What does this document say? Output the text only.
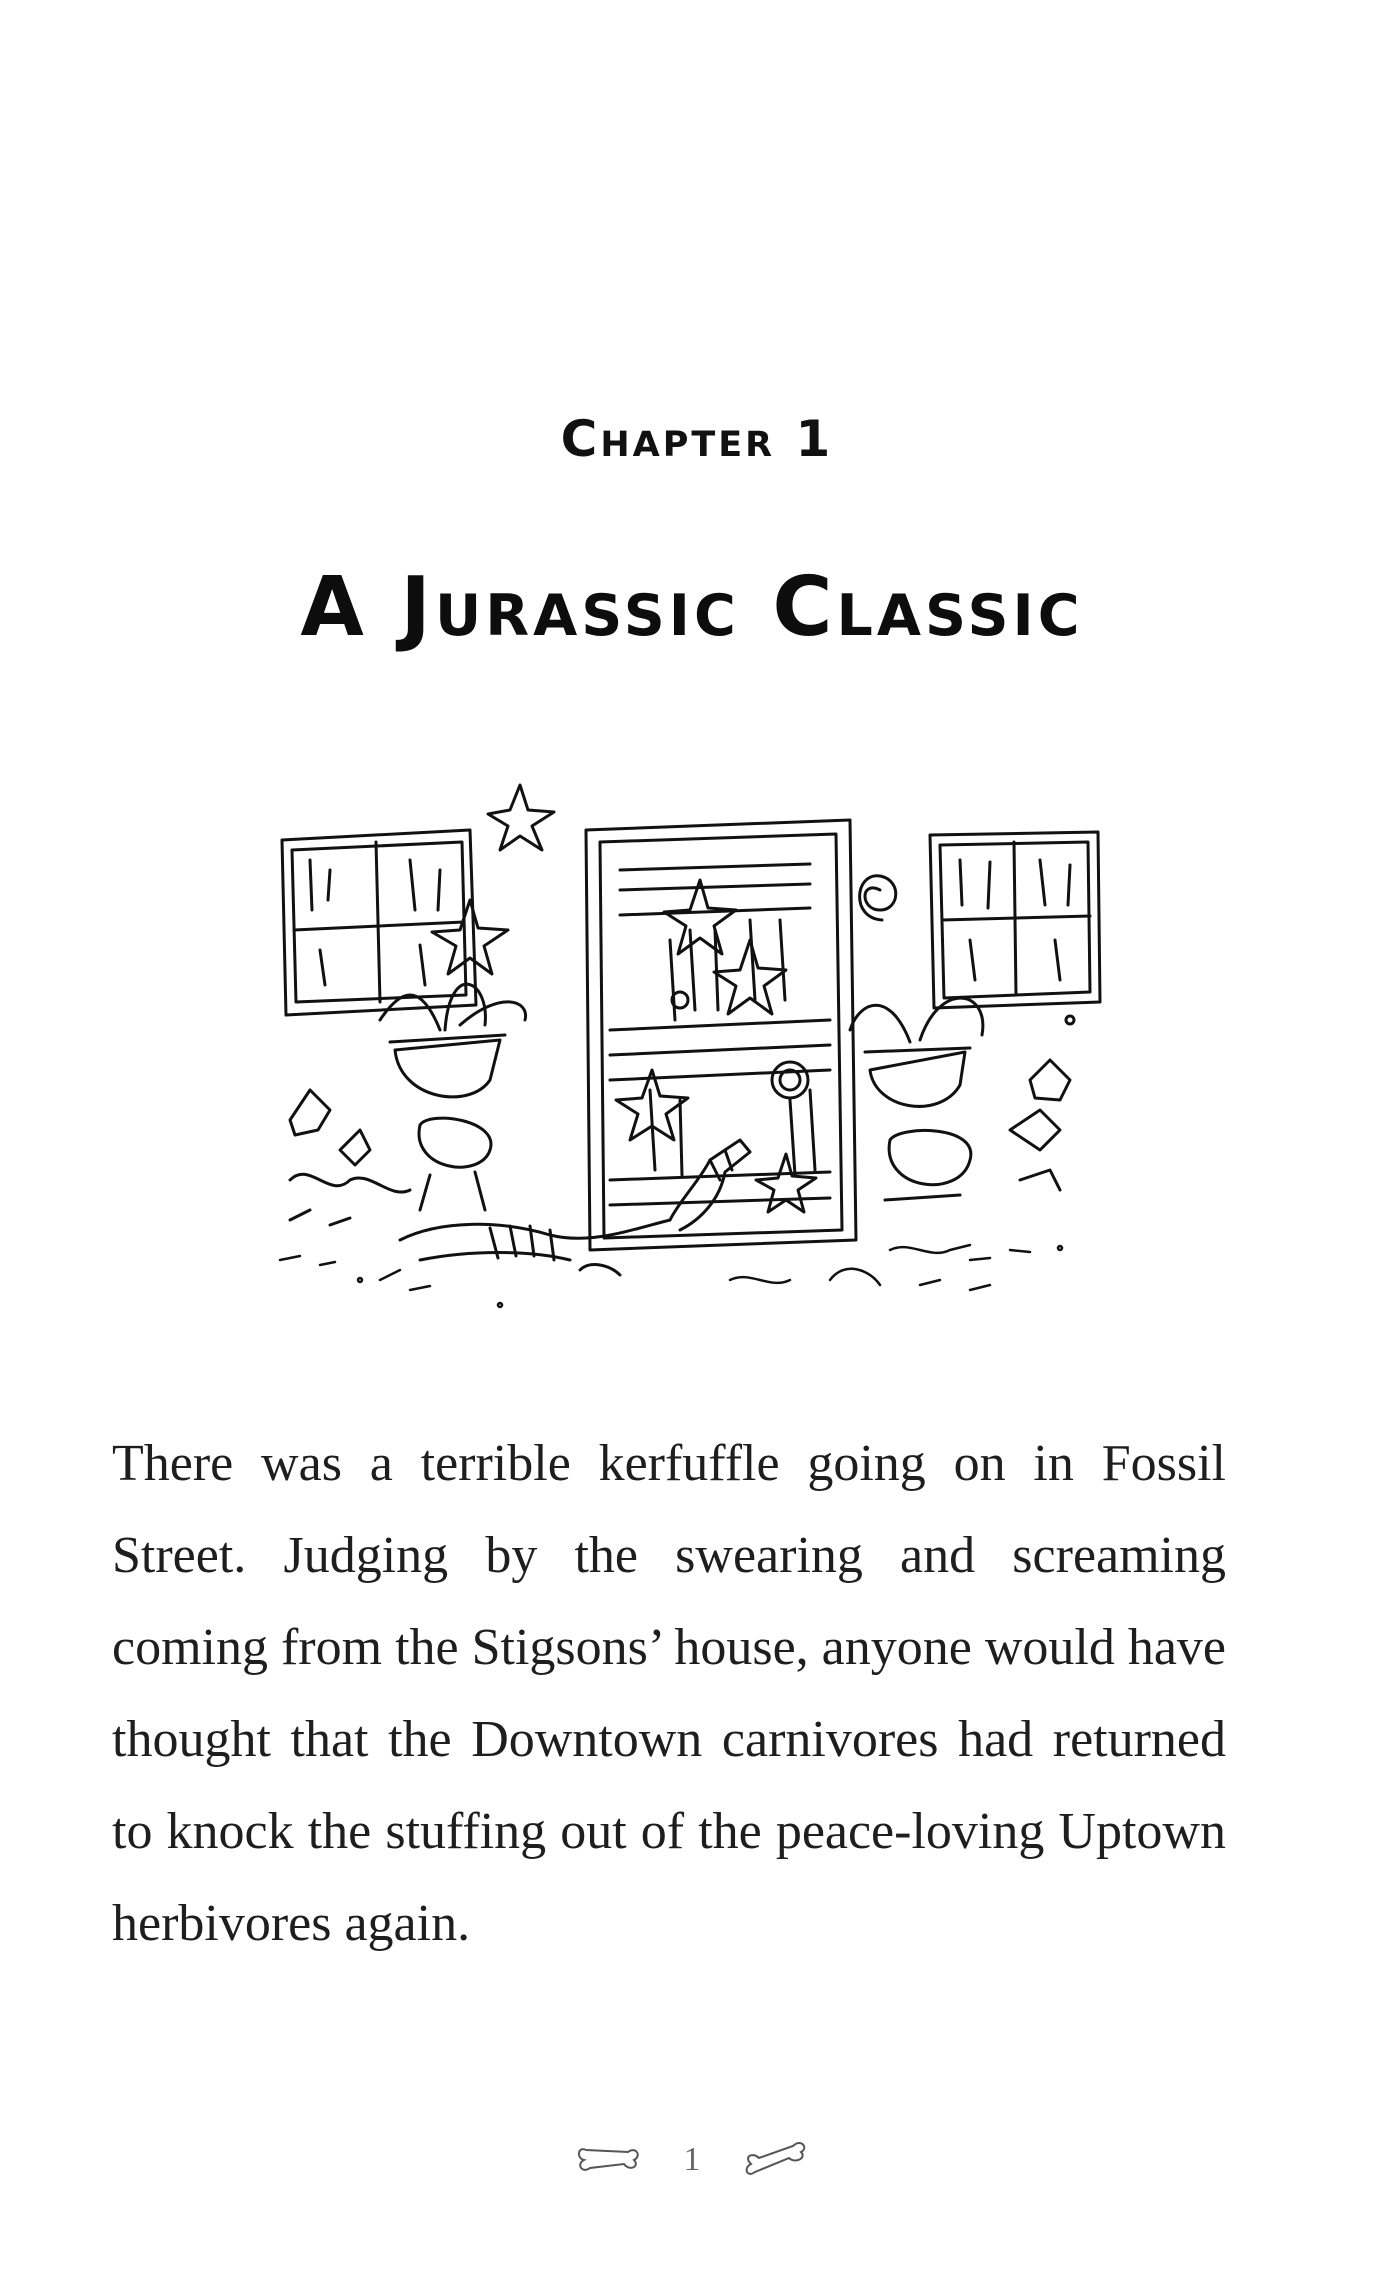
Chapter 1
A Jurassic Classic

There was a terrible kerfuffle going on in Fossil Street. Judging by the swearing and screaming coming from the Stigsons’ house, anyone would have thought that the Downtown carnivores had returned to knock the stuffing out of the peace-loving Uptown herbivores again.

1
